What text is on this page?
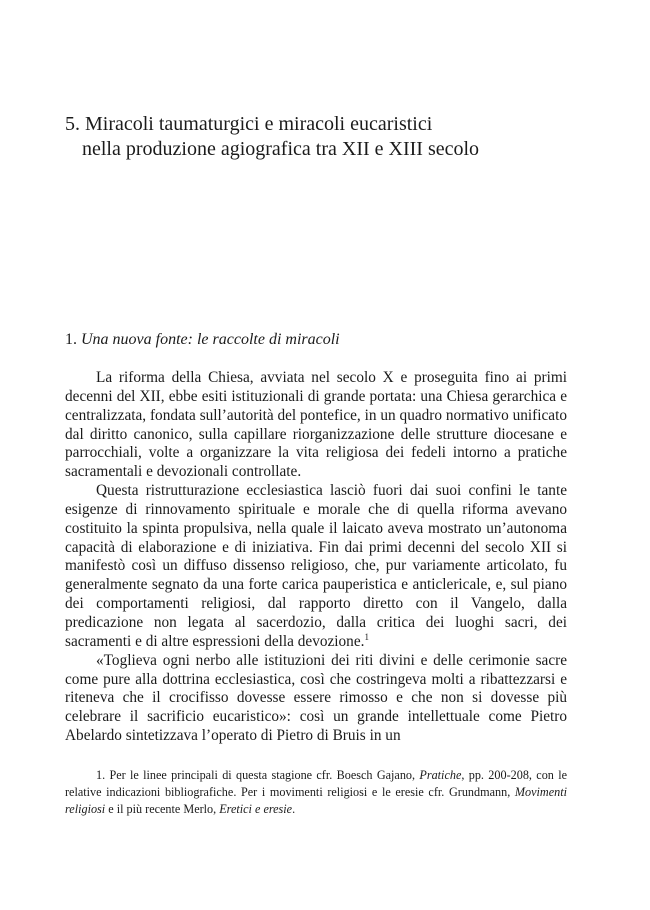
5. Miracoli taumaturgici e miracoli eucaristici
nella produzione agiografica tra XII e XIII secolo
1. Una nuova fonte: le raccolte di miracoli

La riforma della Chiesa, avviata nel secolo X e proseguita fino ai primi decenni del XII, ebbe esiti istituzionali di grande portata: una Chiesa gerarchica e centralizzata, fondata sull’autorità del pontefice, in un quadro normativo unificato dal diritto canonico, sulla capillare riorganizzazione delle strutture diocesane e parrocchiali, volte a organizzare la vita religiosa dei fedeli intorno a pratiche sacramentali e devozionali controllate.

Questa ristrutturazione ecclesiastica lasciò fuori dai suoi confini le tante esigenze di rinnovamento spirituale e morale che di quella riforma avevano costituito la spinta propulsiva, nella quale il laicato aveva mostrato un’autonoma capacità di elaborazione e di iniziativa. Fin dai primi decenni del secolo XII si manifestò così un diffuso dissenso religioso, che, pur variamente articolato, fu generalmente segnato da una forte carica pauperistica e anticlericale, e, sul piano dei comportamenti religiosi, dal rapporto diretto con il Vangelo, dalla predicazione non legata al sacerdozio, dalla critica dei luoghi sacri, dei sacramenti e di altre espressioni della devozione.$^1$

«Toglieva ogni nerbo alle istituzioni dei riti divini e delle cerimonie sacre come pure alla dottrina ecclesiastica, così che costringeva molti a ribattezzarsi e riteneva che il crocifisso dovesse essere rimosso e che non si dovesse più celebrare il sacrificio eucaristico»: così un grande intellettuale come Pietro Abelardo sintetizzava l’operato di Pietro di Bruis in un

1. Per le linee principali di questa stagione cfr. Boesch Gajano, Pratiche, pp. 200-208, con le relative indicazioni bibliografiche. Per i movimenti religiosi e le eresie cfr. Grundmann, Movimenti religiosi e il più recente Merlo, Eretici e eresie.
